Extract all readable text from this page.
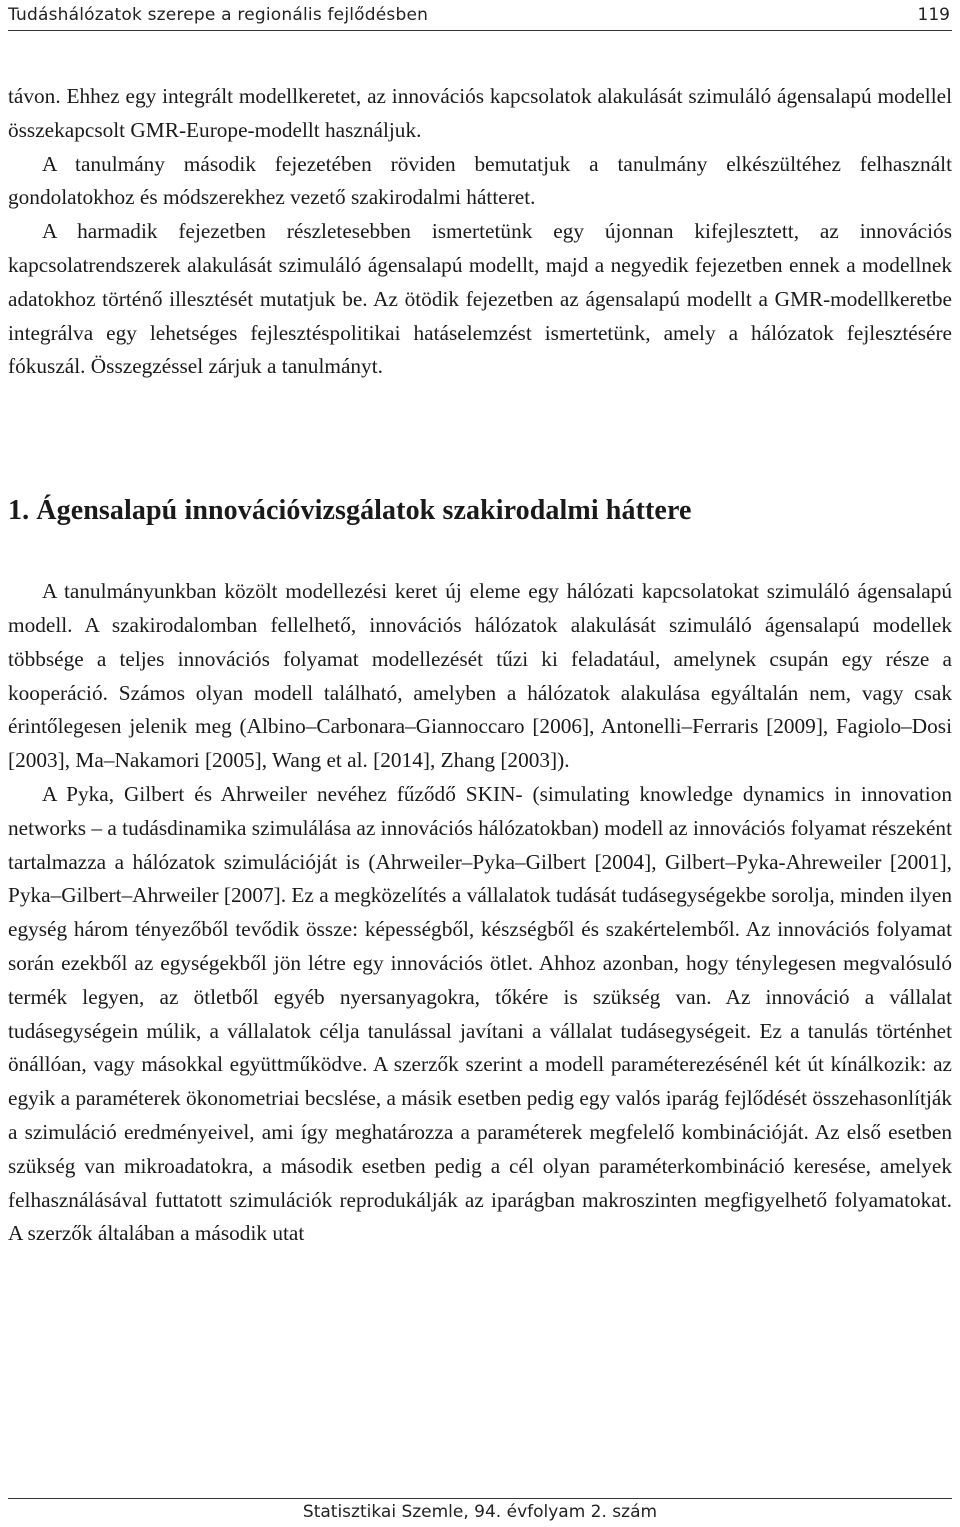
Tudáshálózatok szerepe a regionális fejlődésben	119

távon. Ehhez egy integrált modellkeretet, az innovációs kapcsolatok alakulását szimuláló ágensalapú modellel összekapcsolt GMR-Europe-modellt használjuk.

A tanulmány második fejezetében röviden bemutatjuk a tanulmány elkészültéhez felhasznált gondolatokhoz és módszerekhez vezető szakirodalmi hátteret.

A harmadik fejezetben részletesebben ismertetünk egy újonnan kifejlesztett, az innovációs kapcsolatrendszerek alakulását szimuláló ágensalapú modellt, majd a negyedik fejezetben ennek a modellnek adatokhoz történő illesztését mutatjuk be. Az ötödik fejezetben az ágensalapú modellt a GMR-modellkeretbe integrálva egy lehetséges fejlesztéspolitikai hatáselemzést ismertetünk, amely a hálózatok fejlesztésére fókuszál. Összegzéssel zárjuk a tanulmányt.

1. Ágensalapú innovációvizsgálatok szakirodalmi háttere

A tanulmányunkban közölt modellezési keret új eleme egy hálózati kapcsolatokat szimuláló ágensalapú modell. A szakirodalomban fellelhető, innovációs hálózatok alakulását szimuláló ágensalapú modellek többsége a teljes innovációs folyamat modellezését tűzi ki feladatául, amelynek csupán egy része a kooperáció. Számos olyan modell található, amelyben a hálózatok alakulása egyáltalán nem, vagy csak érintőlegesen jelenik meg (Albino–Carbonara–Giannoccaro [2006], Antonelli–Ferraris [2009], Fagiolo–Dosi [2003], Ma–Nakamori [2005], Wang et al. [2014], Zhang [2003]).

A Pyka, Gilbert és Ahrweiler nevéhez fűződő SKIN- (simulating knowledge dynamics in innovation networks – a tudásdinamika szimulálása az innovációs hálózatokban) modell az innovációs folyamat részeként tartalmazza a hálózatok szimulációját is (Ahrweiler–Pyka–Gilbert [2004], Gilbert–Pyka-Ahreweiler [2001], Pyka–Gilbert–Ahrweiler [2007]. Ez a megközelítés a vállalatok tudását tudásegységekbe sorolja, minden ilyen egység három tényezőből tevődik össze: képességből, készségből és szakértelemből. Az innovációs folyamat során ezekből az egységekből jön létre egy innovációs ötlet. Ahhoz azonban, hogy ténylegesen megvalósuló termék legyen, az ötletből egyéb nyersanyagokra, tőkére is szükség van. Az innováció a vállalat tudásegységein múlik, a vállalatok célja tanulással javítani a vállalat tudásegységeit. Ez a tanulás történhet önállóan, vagy másokkal együttműködve. A szerzők szerint a modell paraméterezésénél két út kínálkozik: az egyik a paraméterek ökonometriai becslése, a másik esetben pedig egy valós iparág fejlődését összehasonlítják a szimuláció eredményeivel, ami így meghatározza a paraméterek megfelelő kombinációját. Az első esetben szükség van mikroadatokra, a második esetben pedig a cél olyan paraméterkombináció keresése, amelyek felhasználásával futtatott szimulációk reprodukálják az iparágban makroszinten megfigyelhető folyamatokat. A szerzők általában a második utat

Statisztikai Szemle, 94. évfolyam 2. szám
